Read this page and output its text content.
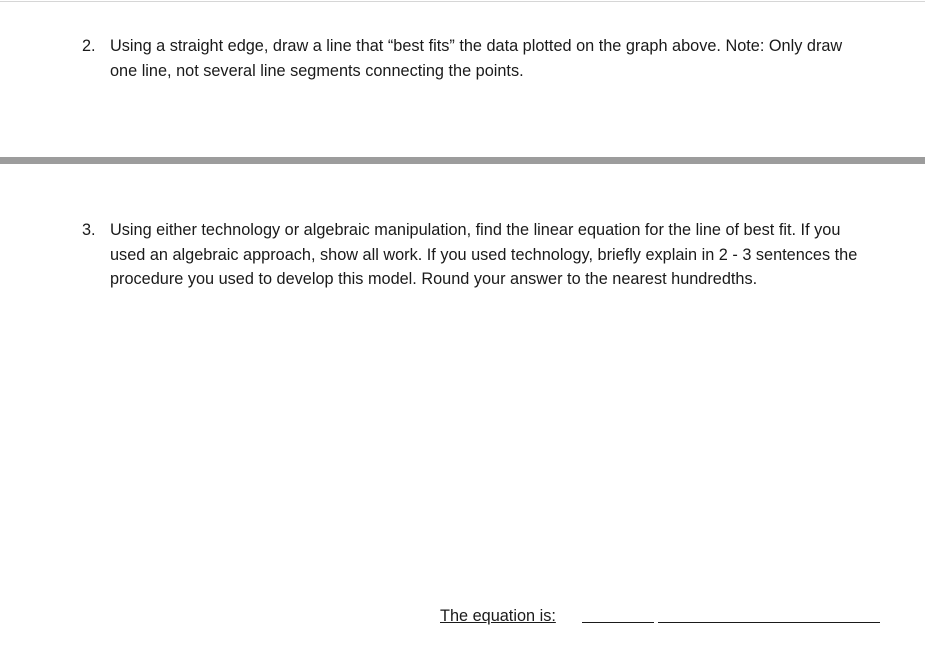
2. Using a straight edge, draw a line that “best fits” the data plotted on the graph above. Note: Only draw one line, not several line segments connecting the points.
3. Using either technology or algebraic manipulation, find the linear equation for the line of best fit. If you used an algebraic approach, show all work. If you used technology, briefly explain in 2 - 3 sentences the procedure you used to develop this model. Round your answer to the nearest hundredths.
The equation is:
